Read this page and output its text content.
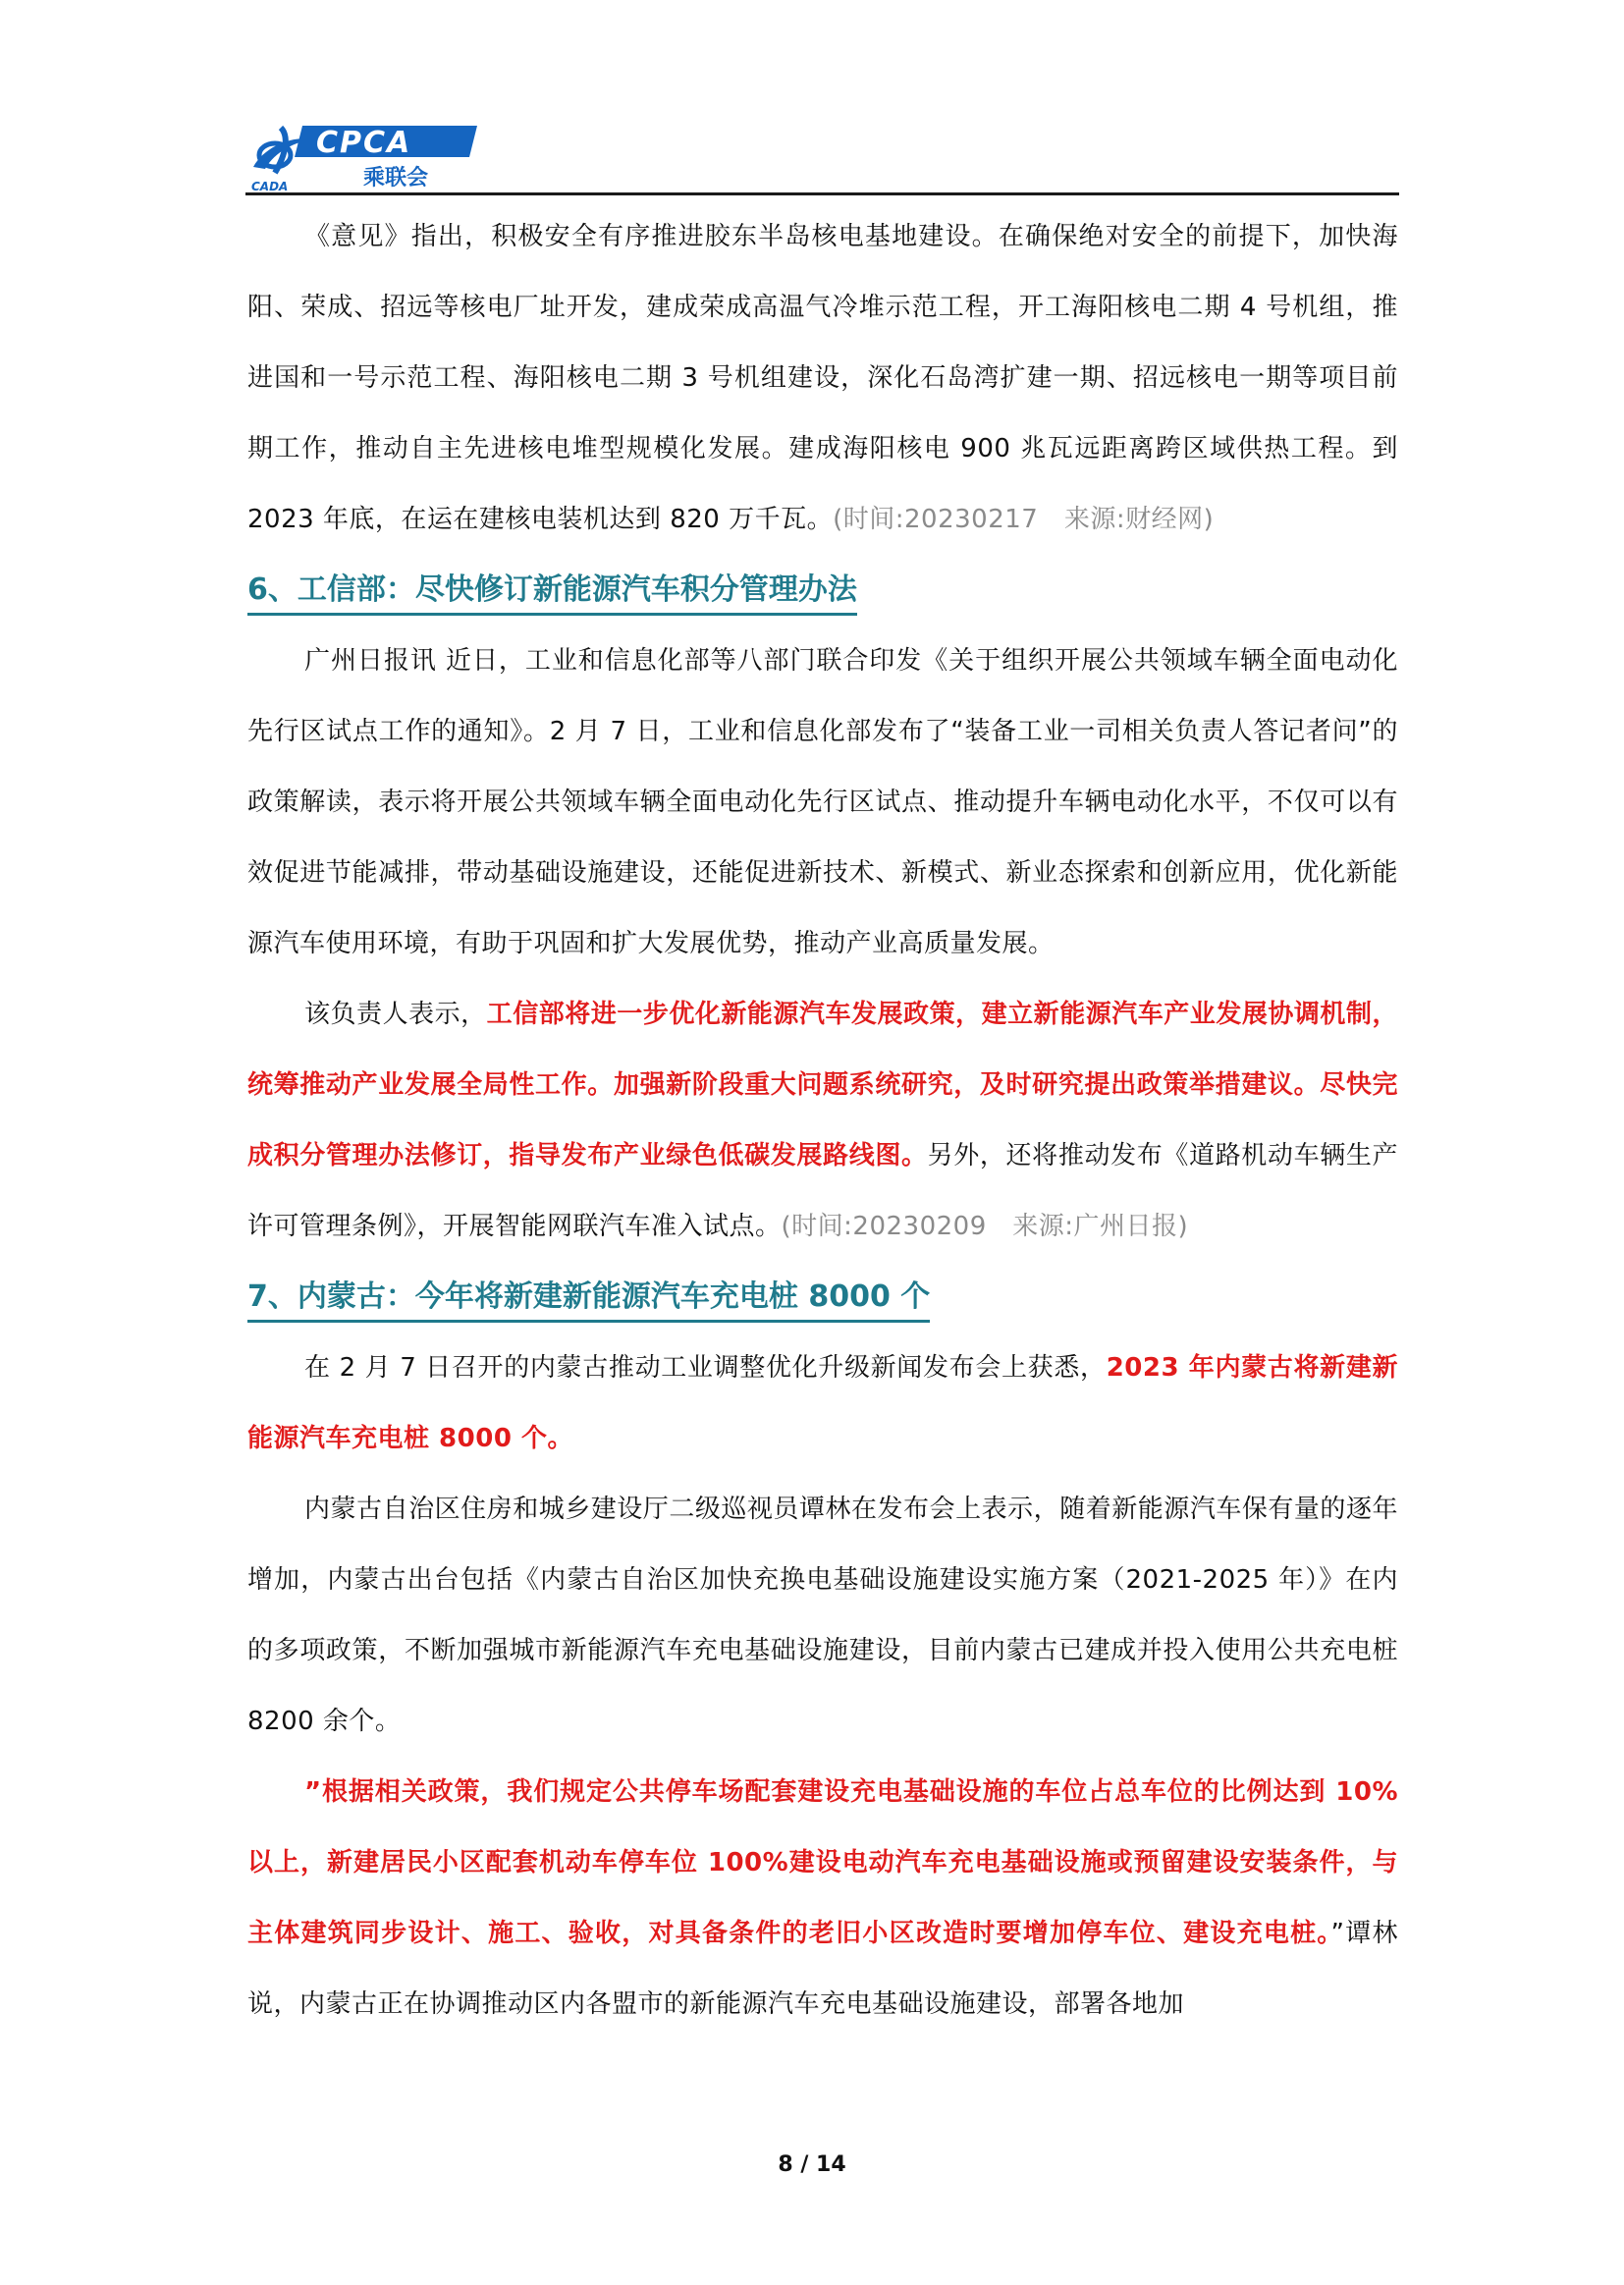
CPCA
乘联会
CADA

《意见》指出，积极安全有序推进胶东半岛核电基地建设。在确保绝对安全的前提下，加快海阳、荣成、招远等核电厂址开发，建成荣成高温气冷堆示范工程，开工海阳核电二期 4 号机组，推进国和一号示范工程、海阳核电二期 3 号机组建设，深化石岛湾扩建一期、招远核电一期等项目前期工作，推动自主先进核电堆型规模化发展。建成海阳核电 900 兆瓦远距离跨区域供热工程。到 2023 年底，在运在建核电装机达到 820 万千瓦。(时间:20230217　来源:财经网)

6、工信部：尽快修订新能源汽车积分管理办法

广州日报讯 近日，工业和信息化部等八部门联合印发《关于组织开展公共领域车辆全面电动化先行区试点工作的通知》。2 月 7 日，工业和信息化部发布了“装备工业一司相关负责人答记者问”的政策解读，表示将开展公共领域车辆全面电动化先行区试点、推动提升车辆电动化水平，不仅可以有效促进节能减排，带动基础设施建设，还能促进新技术、新模式、新业态探索和创新应用，优化新能源汽车使用环境，有助于巩固和扩大发展优势，推动产业高质量发展。

该负责人表示，工信部将进一步优化新能源汽车发展政策，建立新能源汽车产业发展协调机制，统筹推动产业发展全局性工作。加强新阶段重大问题系统研究，及时研究提出政策举措建议。尽快完成积分管理办法修订，指导发布产业绿色低碳发展路线图。另外，还将推动发布《道路机动车辆生产许可管理条例》，开展智能网联汽车准入试点。(时间:20230209　来源:广州日报)

7、内蒙古：今年将新建新能源汽车充电桩 8000 个

在 2 月 7 日召开的内蒙古推动工业调整优化升级新闻发布会上获悉，2023 年内蒙古将新建新能源汽车充电桩 8000 个。

内蒙古自治区住房和城乡建设厅二级巡视员谭林在发布会上表示，随着新能源汽车保有量的逐年增加，内蒙古出台包括《内蒙古自治区加快充换电基础设施建设实施方案（2021-2025 年）》在内的多项政策，不断加强城市新能源汽车充电基础设施建设，目前内蒙古已建成并投入使用公共充电桩 8200 余个。

”根据相关政策，我们规定公共停车场配套建设充电基础设施的车位占总车位的比例达到 10%以上，新建居民小区配套机动车停车位 100%建设电动汽车充电基础设施或预留建设安装条件，与主体建筑同步设计、施工、验收，对具备条件的老旧小区改造时要增加停车位、建设充电桩。”谭林说，内蒙古正在协调推动区内各盟市的新能源汽车充电基础设施建设，部署各地加

8 / 14
